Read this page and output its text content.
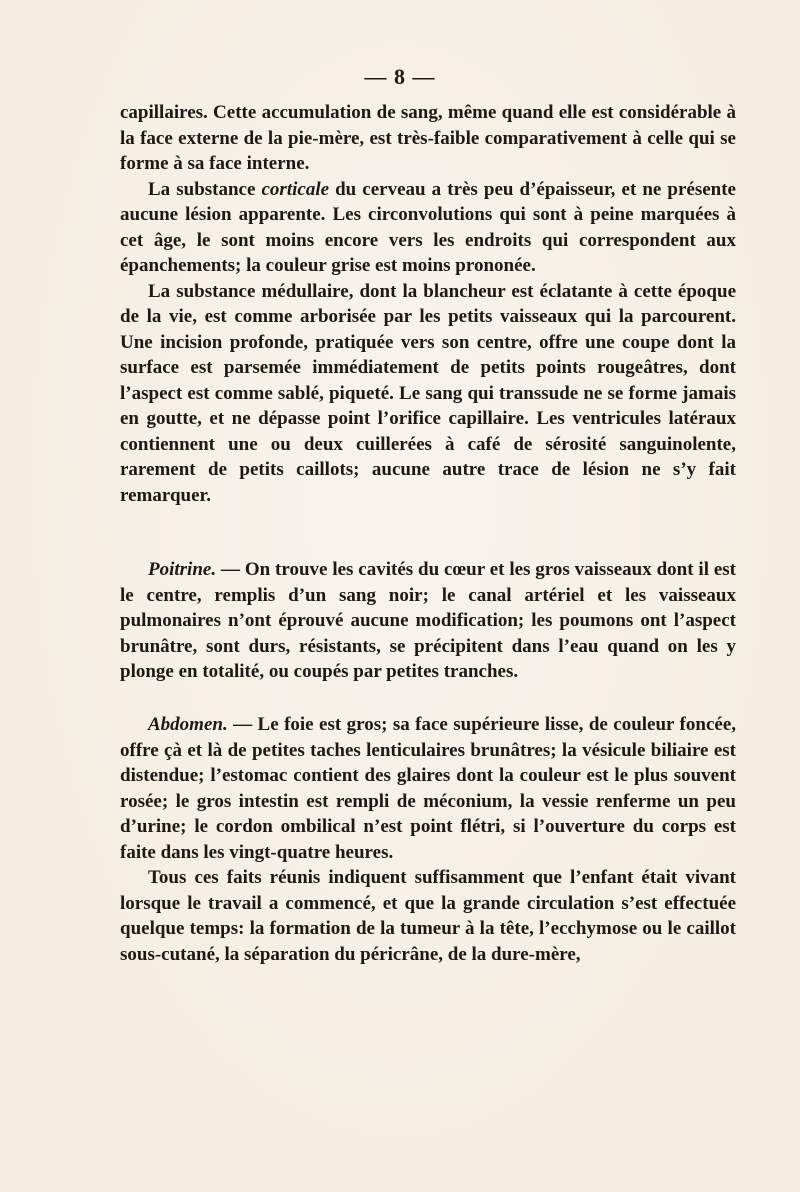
— 8 —

capillaires. Cette accumulation de sang, même quand elle est considérable à la face externe de la pie-mère, est très-faible comparativement à celle qui se forme à sa face interne.

La substance corticale du cerveau a très peu d’épaisseur, et ne présente aucune lésion apparente. Les circonvolutions qui sont à peine marquées à cet âge, le sont moins encore vers les endroits qui correspondent aux épanchements; la couleur grise est moins prononée.

La substance médullaire, dont la blancheur est éclatante à cette époque de la vie, est comme arborisée par les petits vaisseaux qui la parcourent. Une incision profonde, pratiquée vers son centre, offre une coupe dont la surface est parsemée immédiatement de petits points rougeâtres, dont l’aspect est comme sablé, piqueté. Le sang qui transsude ne se forme jamais en goutte, et ne dépasse point l’orifice capillaire. Les ventricules latéraux contiennent une ou deux cuillerées à café de sérosité sanguinolente, rarement de petits caillots; aucune autre trace de lésion ne s’y fait remarquer.

Poitrine. — On trouve les cavités du cœur et les gros vaisseaux dont il est le centre, remplis d’un sang noir; le canal artériel et les vaisseaux pulmonaires n’ont éprouvé aucune modification; les poumons ont l’aspect brunâtre, sont durs, résistants, se précipitent dans l’eau quand on les y plonge en totalité, ou coupés par petites tranches.

Abdomen. — Le foie est gros; sa face supérieure lisse, de couleur foncée, offre çà et là de petites taches lenticulaires brunâtres; la vésicule biliaire est distendue; l’estomac contient des glaires dont la couleur est le plus souvent rosée; le gros intestin est rempli de méconium, la vessie renferme un peu d’urine; le cordon ombilical n’est point flétri, si l’ouverture du corps est faite dans les vingt-quatre heures.

Tous ces faits réunis indiquent suffisamment que l’enfant était vivant lorsque le travail a commencé, et que la grande circulation s’est effectuée quelque temps: la formation de la tumeur à la tête, l’ecchymose ou le caillot sous-cutané, la séparation du péricrâne, de la dure-mère,
